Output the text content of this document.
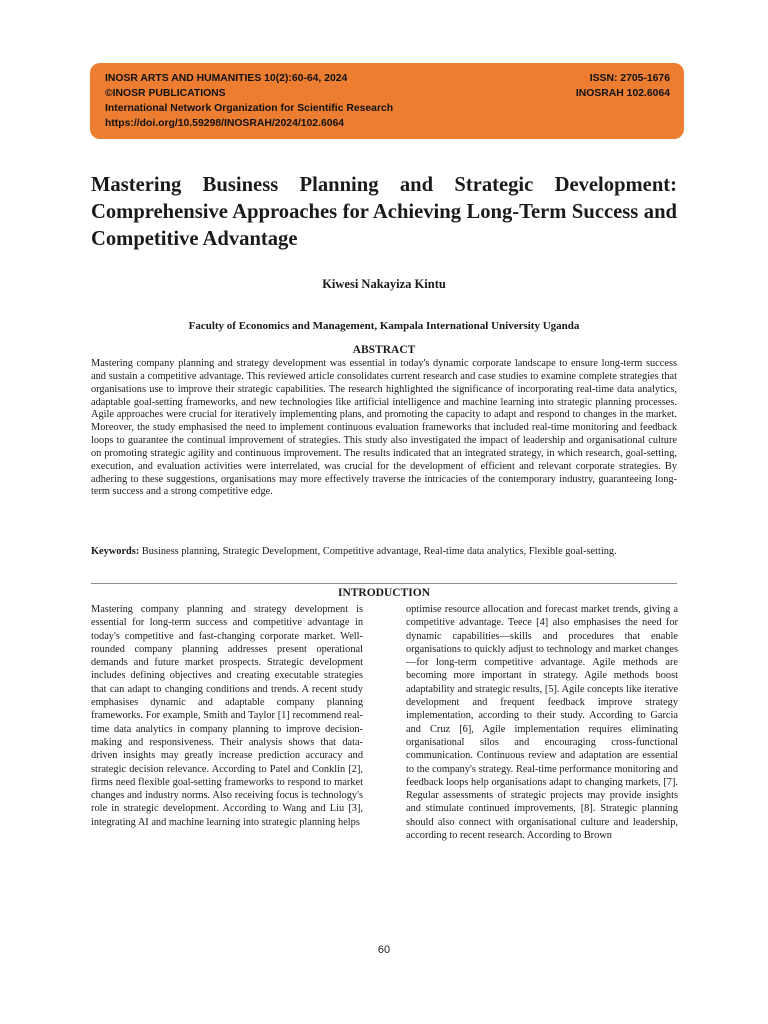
INOSR ARTS AND HUMANITIES 10(2):60-64, 2024	ISSN: 2705-1676
©INOSR PUBLICATIONS	INOSRAH 102.6064
International Network Organization for Scientific Research
https://doi.org/10.59298/INOSRAH/2024/102.6064
Mastering Business Planning and Strategic Development: Comprehensive Approaches for Achieving Long-Term Success and Competitive Advantage
Kiwesi Nakayiza Kintu
Faculty of Economics and Management, Kampala International University Uganda
ABSTRACT

Mastering company planning and strategy development was essential in today's dynamic corporate landscape to ensure long-term success and sustain a competitive advantage. This reviewed article consolidates current research and case studies to examine complete strategies that organisations use to improve their strategic capabilities. The research highlighted the significance of incorporating real-time data analytics, adaptable goal-setting frameworks, and new technologies like artificial intelligence and machine learning into strategic planning processes. Agile approaches were crucial for iteratively implementing plans, and promoting the capacity to adapt and respond to changes in the market. Moreover, the study emphasised the need to implement continuous evaluation frameworks that included real-time monitoring and feedback loops to guarantee the continual improvement of strategies. This study also investigated the impact of leadership and organisational culture on promoting strategic agility and continuous improvement. The results indicated that an integrated strategy, in which research, goal-setting, execution, and evaluation activities were interrelated, was crucial for the development of efficient and relevant corporate strategies. By adhering to these suggestions, organisations may more effectively traverse the intricacies of the contemporary industry, guaranteeing long-term success and a strong competitive edge.

Keywords: Business planning, Strategic Development, Competitive advantage, Real-time data analytics, Flexible goal-setting.

INTRODUCTION

Mastering company planning and strategy development is essential for long-term success and competitive advantage in today's competitive and fast-changing corporate market. Well-rounded company planning addresses present operational demands and future market prospects. Strategic development includes defining objectives and creating executable strategies that can adapt to changing conditions and trends. A recent study emphasises dynamic and adaptable company planning frameworks. For example, Smith and Taylor [1] recommend real-time data analytics in company planning to improve decision-making and responsiveness. Their analysis shows that data-driven insights may greatly increase prediction accuracy and strategic decision relevance. According to Patel and Conklin [2], firms need flexible goal-setting frameworks to respond to market changes and industry norms. Also receiving focus is technology's role in strategic development. According to Wang and Liu [3], integrating AI and machine learning into strategic planning helps

optimise resource allocation and forecast market trends, giving a competitive advantage. Teece [4] also emphasises the need for dynamic capabilities—skills and procedures that enable organisations to quickly adjust to technology and market changes—for long-term competitive advantage. Agile methods are becoming more important in strategy. Agile methods boost adaptability and strategic results, [5]. Agile concepts like iterative development and frequent feedback improve strategy implementation, according to their study. According to Garcia and Cruz [6], Agile implementation requires eliminating organisational silos and encouraging cross-functional communication. Continuous review and adaptation are essential to the company's strategy. Real-time performance monitoring and feedback loops help organisations adapt to changing markets, [7]. Regular assessments of strategic projects may provide insights and stimulate continued improvements, [8]. Strategic planning should also connect with organisational culture and leadership, according to recent research. According to Brown

60
